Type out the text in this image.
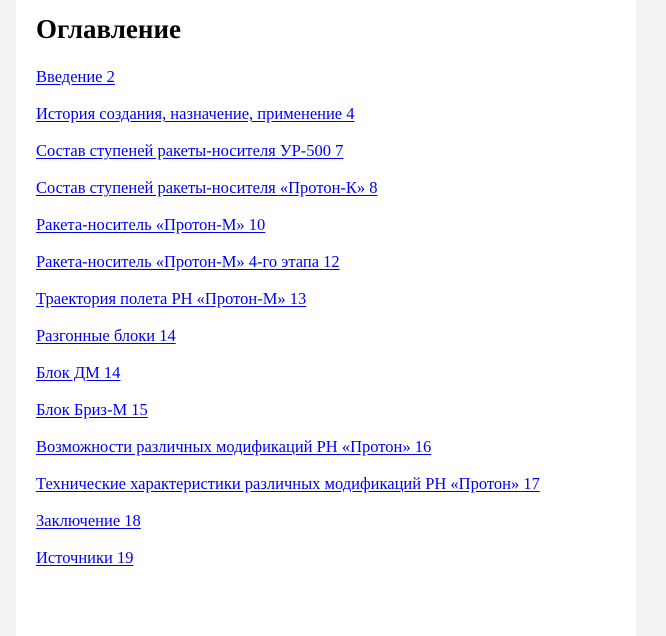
Оглавление
Введение 2
История создания, назначение, применение 4
Состав ступеней ракеты-носителя УР-500 7
Состав ступеней ракеты-носителя «Протон-К» 8
Ракета-носитель «Протон-М» 10
Ракета-носитель «Протон-М» 4-го этапа 12
Траектория полета РН «Протон-М» 13
Разгонные блоки 14
Блок ДМ 14
Блок Бриз-М 15
Возможности различных модификаций РН «Протон» 16
Технические характеристики различных модификаций РН «Протон» 17
Заключение 18
Источники 19
